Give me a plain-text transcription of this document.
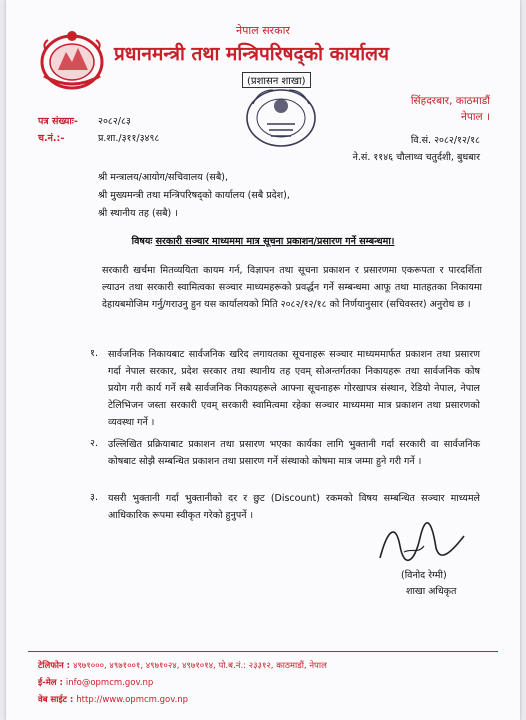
नेपाल सरकार
प्रधानमन्त्री तथा मन्त्रिपरिषद्को कार्यालय
(प्रशासन शाखा)
सिंहदरबार, काठमाडौं
नेपाल ।
पत्र संख्याः- २०८२/८३
च.नं.:-	प्र.शा./३११/३४९८	वि.सं. २०८२/१२/१८
ने.सं. ११४६ चौलाथ्व चतुर्दशी, बुधबार
श्री मन्त्रालय/आयोग/सचिवालय (सबै),
श्री मुख्यमन्त्री तथा मन्त्रिपरिषद्‌को कार्यालय (सबै प्रदेश),
श्री स्थानीय तह (सबै) ।
विषयः सरकारी सञ्चार माध्यममा मात्र सूचना प्रकाशन/प्रसारण गर्ने सम्बन्धमा।
सरकारी खर्चमा मितव्ययिता कायम गर्न, विज्ञापन तथा सूचना प्रकाशन र प्रसारणमा एकरूपता र पारदर्शिता ल्याउन तथा सरकारी स्वामित्वका सञ्चार माध्यमहरूको प्रवर्द्धन गर्ने सम्बन्धमा आफू तथा मातहतका निकायमा देहायबमोजिम गर्नु/गराउनु हुन यस कार्यालयको मिति २०८२/१२/१८ को निर्णयानुसार (सचिवस्तर) अनुरोध छ ।
१. सार्वजनिक निकायबाट सार्वजनिक खरिद लगायतका सूचनाहरू सञ्चार माध्यममार्फत प्रकाशन तथा प्रसारण गर्दा नेपाल सरकार, प्रदेश सरकार तथा स्थानीय तह एवम् सोअन्तर्गतका निकायहरू तथा सार्वजनिक कोष प्रयोग गरी कार्य गर्ने सबै सार्वजनिक निकायहरूले आफ्ना सूचनाहरू गोरखापत्र संस्थान, रेडियो नेपाल, नेपाल टेलिभिजन जस्ता सरकारी एवम् सरकारी स्वामित्वमा रहेका सञ्चार माध्यममा मात्र प्रकाशन तथा प्रसारणको व्यवस्था गर्ने ।
२. उल्लिखित प्रक्रियाबाट प्रकाशन तथा प्रसारण भएका कार्यका लागि भुक्तानी गर्दा सरकारी वा सार्वजनिक कोषबाट सोझै सम्बन्धित प्रकाशन तथा प्रसारण गर्ने संस्थाको कोषमा मात्र जम्मा हुने गरी गर्ने ।
३. यसरी भुक्तानी गर्दा भुक्तानीको दर र छुट (Discount) रकमको विषय सम्बन्धित सञ्चार माध्यमले आधिकारिक रूपमा स्वीकृत गरेको हुनुपर्ने ।
(विनोद रेग्मी)
शाखा अधिकृत
टेलिफोन : ४९७१०००, ४९७१००१, ४९७१०२४, ४९७१०१४, पो.ब.नं.: २३३१२, काठमाडौं, नेपाल
ई-मेल : info@opmcm.gov.np
वेब साईट : http://www.opmcm.gov.np
